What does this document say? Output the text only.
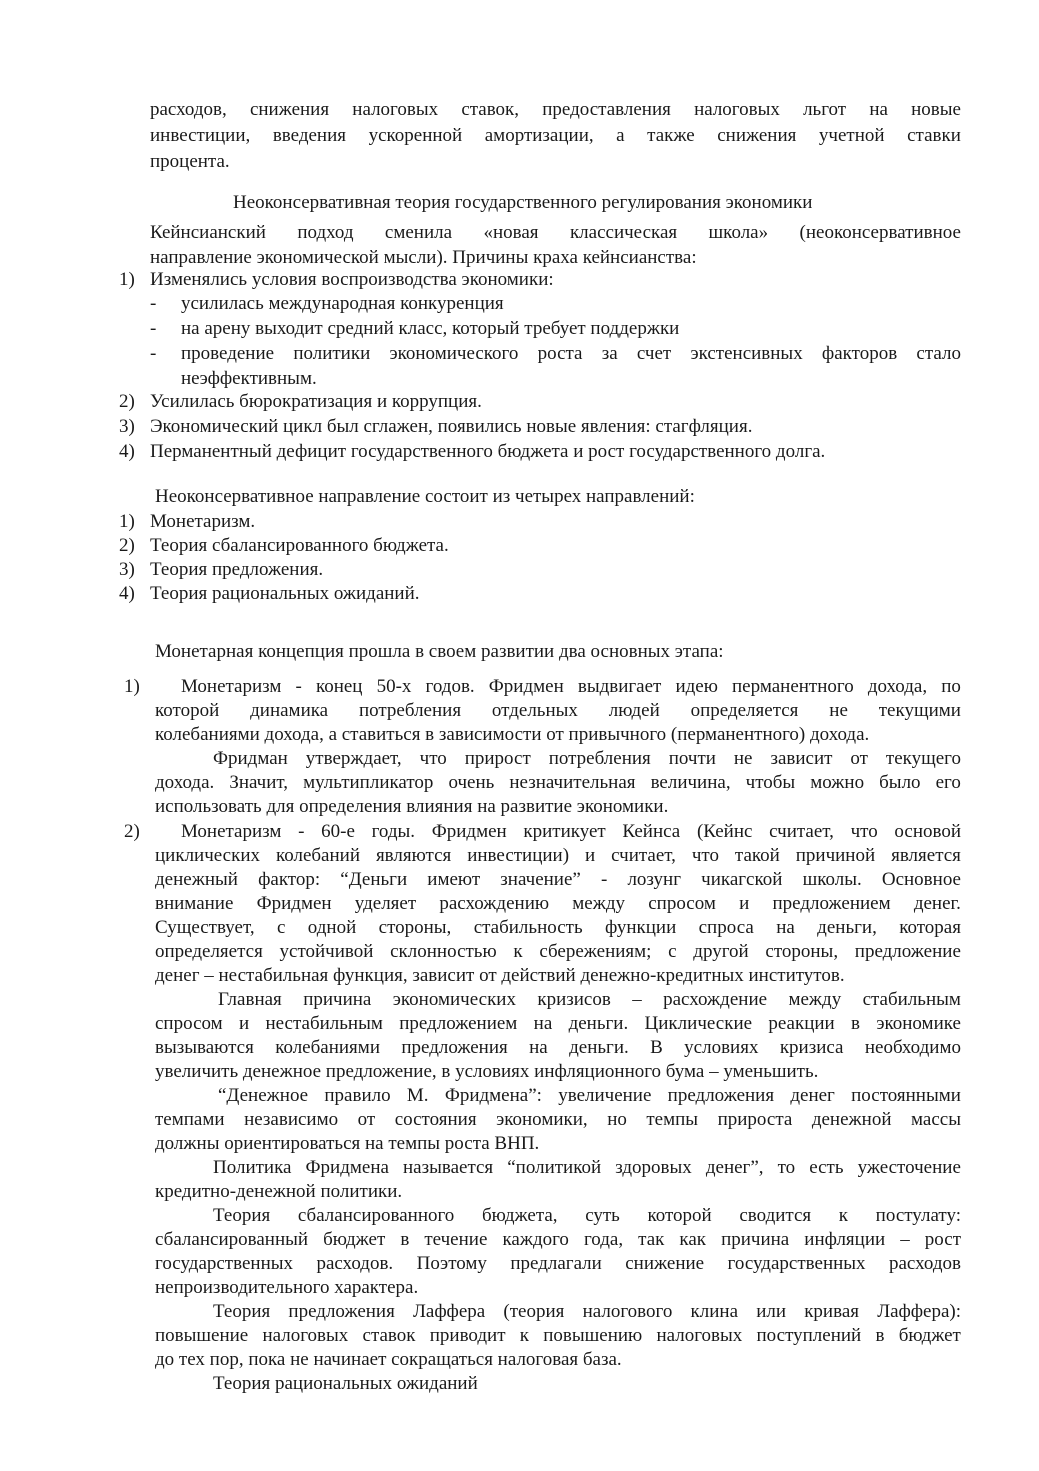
расходов, снижения налоговых ставок, предоставления налоговых льгот на новые
инвестиции, введения ускоренной амортизации, а также снижения учетной ставки
процента.
Неоконсервативная теория государственного регулирования экономики
Кейнсианский подход сменила «новая классическая школа» (неоконсервативное
направление экономической мысли). Причины краха кейнсианства:
1) Изменялись условия воспроизводства экономики:
- усилилась международная конкуренция
- на арену выходит средний класс, который требует поддержки
- проведение политики экономического роста за счет экстенсивных факторов стало
неэффективным.
2) Усилилась бюрократизация и коррупция.
3) Экономический цикл был сглажен, появились новые явления: стагфляция.
4) Перманентный дефицит государственного бюджета и рост государственного долга.
Неоконсервативное направление состоит из четырех направлений:
1) Монетаризм.
2) Теория сбалансированного бюджета.
3) Теория предложения.
4) Теория рациональных ожиданий.
Монетарная концепция прошла в своем развитии два основных этапа:
1) Монетаризм - конец 50-х годов. Фридмен выдвигает идею перманентного дохода, по
которой динамика потребления отдельных людей определяется не текущими
колебаниями дохода, а ставиться в зависимости от привычного (перманентного) дохода.
Фридман утверждает, что прирост потребления почти не зависит от текущего
дохода. Значит, мультипликатор очень незначительная величина, чтобы можно было его
использовать для определения влияния на развитие экономики.
2) Монетаризм - 60-е годы. Фридмен критикует Кейнса (Кейнс считает, что основой
циклических колебаний являются инвестиции) и считает, что такой причиной является
денежный фактор: “Деньги имеют значение” - лозунг чикагской школы. Основное
внимание Фридмен уделяет расхождению между спросом и предложением денег.
Существует, с одной стороны, стабильность функции спроса на деньги, которая
определяется устойчивой склонностью к сбережениям; с другой стороны, предложение
денег – нестабильная функция, зависит от действий денежно-кредитных институтов.
Главная причина экономических кризисов – расхождение между стабильным
спросом и нестабильным предложением на деньги. Циклические реакции в экономике
вызываются колебаниями предложения на деньги. В условиях кризиса необходимо
увеличить денежное предложение, в условиях инфляционного бума – уменьшить.
“Денежное правило М. Фридмена”: увеличение предложения денег постоянными
темпами независимо от состояния экономики, но темпы прироста денежной массы
должны ориентироваться на темпы роста ВНП.
Политика Фридмена называется “политикой здоровых денег”, то есть ужесточение
кредитно-денежной политики.
Теория сбалансированного бюджета, суть которой сводится к постулату:
сбалансированный бюджет в течение каждого года, так как причина инфляции – рост
государственных расходов. Поэтому предлагали снижение государственных расходов
непроизводительного характера.
Теория предложения Лаффера (теория налогового клина или кривая Лаффера):
повышение налоговых ставок приводит к повышению налоговых поступлений в бюджет
до тех пор, пока не начинает сокращаться налоговая база.
Теория рациональных ожиданий
